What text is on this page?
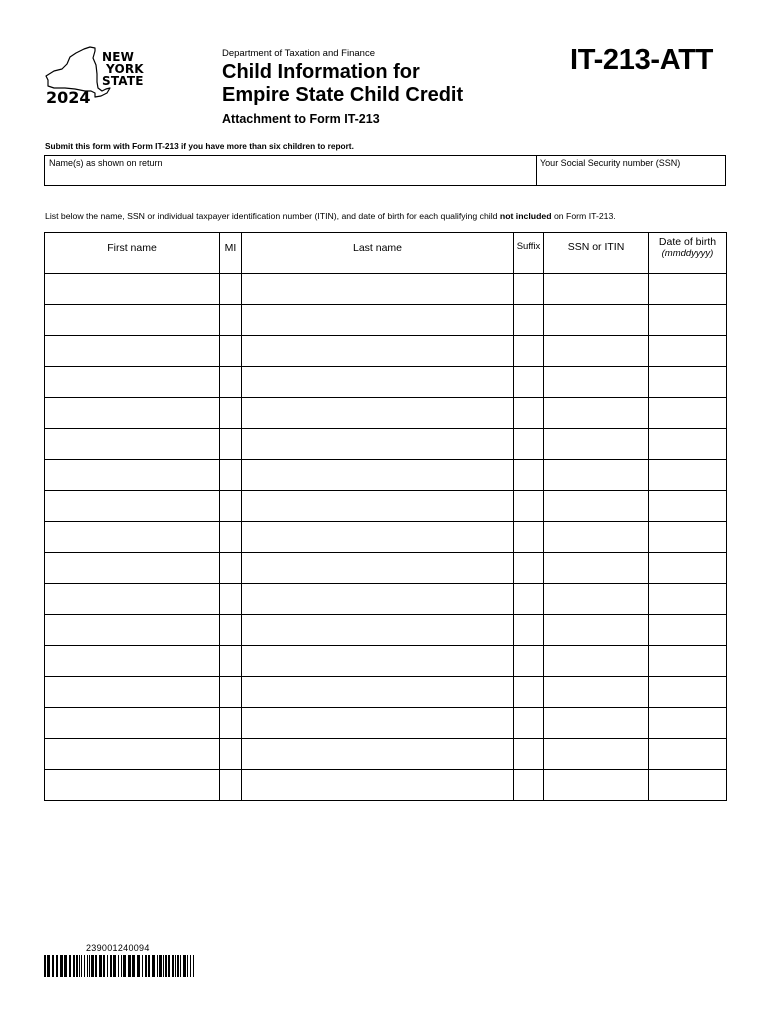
NEW
YORK
STATE
2024
Department of Taxation and Finance
Child Information for
Empire State Child Credit
IT-213-ATT
Attachment to Form IT-213
Submit this form with Form IT-213 if you have more than six children to report.
Name(s) as shown on return	Your Social Security number (SSN)
List below the name, SSN or individual taxpayer identification number (ITIN), and date of birth for each qualifying child not included on Form IT-213.
First name	MI	Last name	Suffix	SSN or ITIN	Date of birth
(mmddyyyy)

239001240094
